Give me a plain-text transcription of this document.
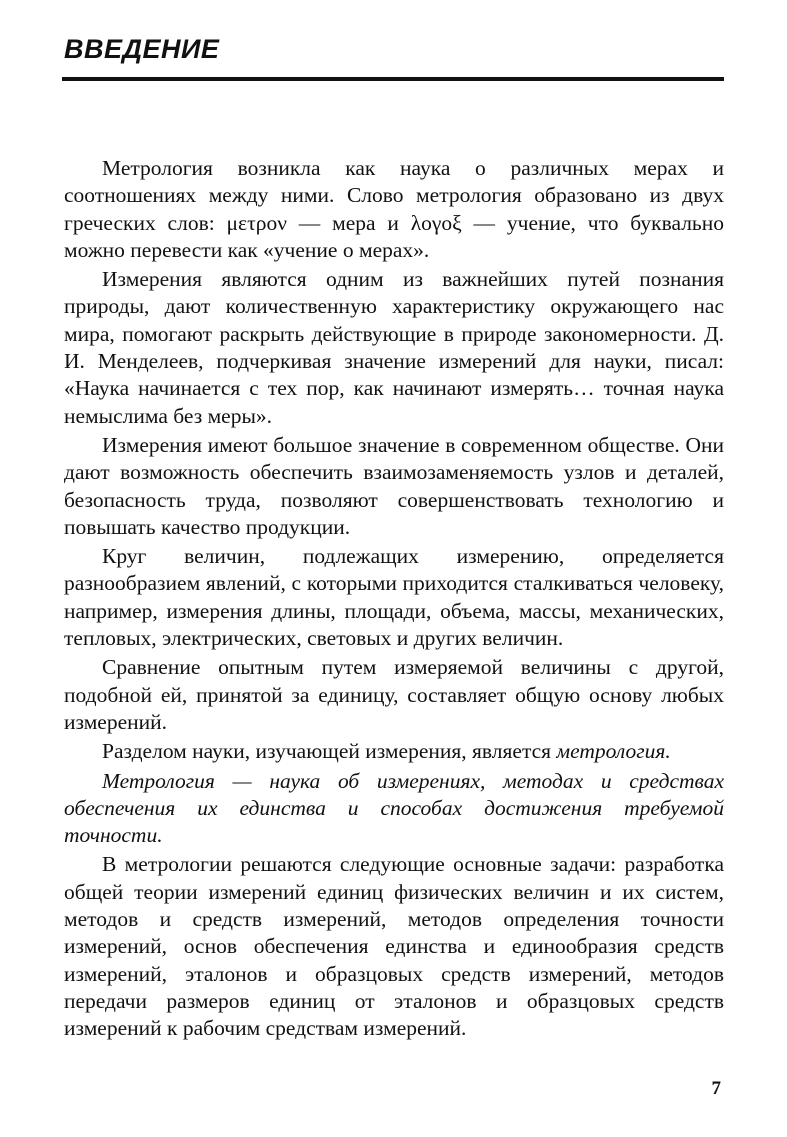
ВВЕДЕНИЕ

Метрология возникла как наука о различных мерах и соотношениях между ними. Слово метрология образовано из двух греческих слов: μετρον — мера и λογοξ — учение, что буквально можно перевести как «учение о мерах».

Измерения являются одним из важнейших путей познания природы, дают количественную характеристику окружающего нас мира, помогают раскрыть действующие в природе закономерности. Д. И. Менделеев, подчеркивая значение измерений для науки, писал: «Наука начинается с тех пор, как начинают измерять… точная наука немыслима без меры».

Измерения имеют большое значение в современном обществе. Они дают возможность обеспечить взаимозаменяемость узлов и деталей, безопасность труда, позволяют совершенствовать технологию и повышать качество продукции.

Круг величин, подлежащих измерению, определяется разнообразием явлений, с которыми приходится сталкиваться человеку, например, измерения длины, площади, объема, массы, механических, тепловых, электрических, световых и других величин.

Сравнение опытным путем измеряемой величины с другой, подобной ей, принятой за единицу, составляет общую основу любых измерений.

Разделом науки, изучающей измерения, является метрология.

Метрология — наука об измерениях, методах и средствах обеспечения их единства и способах достижения требуемой точности.

В метрологии решаются следующие основные задачи: разработка общей теории измерений единиц физических величин и их систем, методов и средств измерений, методов определения точности измерений, основ обеспечения единства и единообразия средств измерений, эталонов и образцовых средств измерений, методов передачи размеров единиц от эталонов и образцовых средств измерений к рабочим средствам измерений.

7
